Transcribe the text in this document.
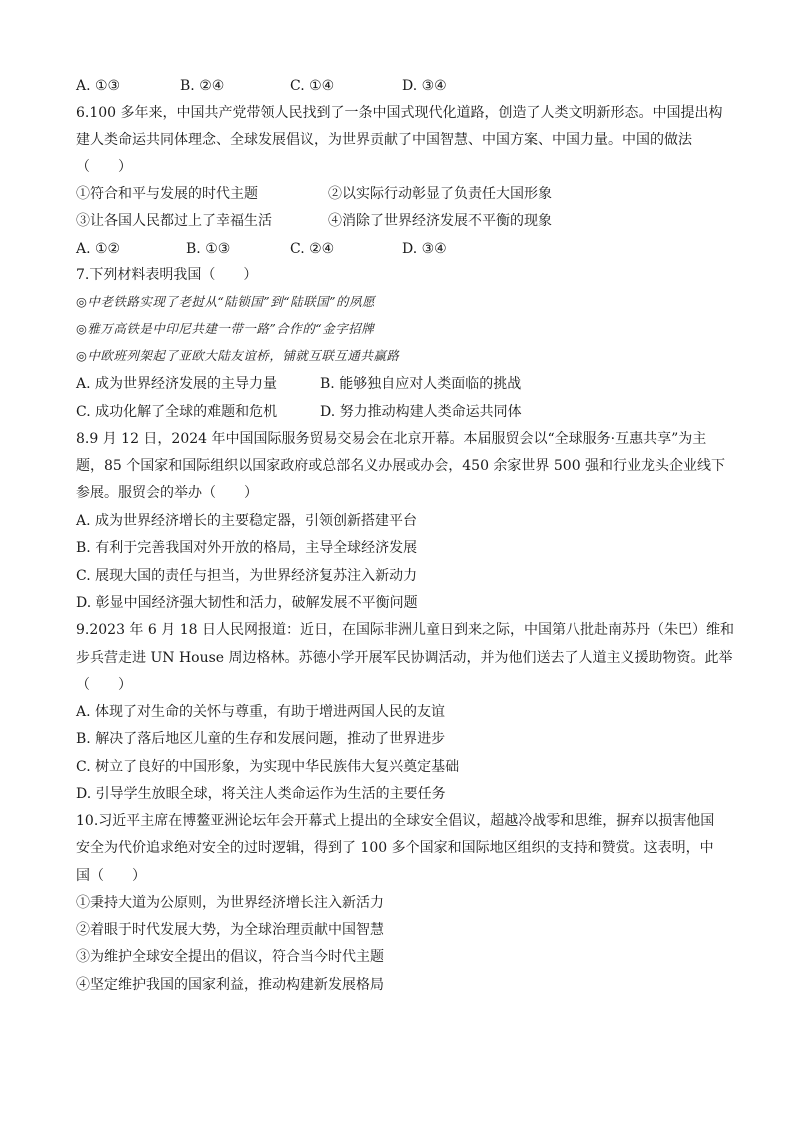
A. ①③	B. ②④	C. ①④	D. ③④
6.100 多年来，中国共产党带领人民找到了一条中国式现代化道路，创造了人类文明新形态。中国提出构
建人类命运共同体理念、全球发展倡议，为世界贡献了中国智慧、中国方案、中国力量。中国的做法
（　　）
①符合和平与发展的时代主题	②以实际行动彰显了负责任大国形象
③让各国人民都过上了幸福生活	④消除了世界经济发展不平衡的现象
A. ①②	B. ①③	C. ②④	D. ③④
7.下列材料表明我国（　　）
◎中老铁路实现了老挝从“陆锁国”到“陆联国”的夙愿
◎雅万高铁是中印尼共建一带一路”合作的“金字招牌
◎中欧班列架起了亚欧大陆友谊桥，铺就互联互通共赢路
A. 成为世界经济发展的主导力量	B. 能够独自应对人类面临的挑战
C. 成功化解了全球的难题和危机	D. 努力推动构建人类命运共同体
8.9 月 12 日，2024 年中国国际服务贸易交易会在北京开幕。本届服贸会以“全球服务·互惠共享”为主
题，85 个国家和国际组织以国家政府或总部名义办展或办会，450 余家世界 500 强和行业龙头企业线下
参展。服贸会的举办（　　）
A. 成为世界经济增长的主要稳定器，引领创新搭建平台
B. 有利于完善我国对外开放的格局，主导全球经济发展
C. 展现大国的责任与担当，为世界经济复苏注入新动力
D. 彰显中国经济强大韧性和活力，破解发展不平衡问题
9.2023 年 6 月 18 日人民网报道：近日，在国际非洲儿童日到来之际，中国第八批赴南苏丹（朱巴）维和
步兵营走进 UN House 周边格林。苏德小学开展军民协调活动，并为他们送去了人道主义援助物资。此举
（　　）
A. 体现了对生命的关怀与尊重，有助于增进两国人民的友谊
B. 解决了落后地区儿童的生存和发展问题，推动了世界进步
C. 树立了良好的中国形象，为实现中华民族伟大复兴奠定基础
D. 引导学生放眼全球，将关注人类命运作为生活的主要任务
10.习近平主席在博鳌亚洲论坛年会开幕式上提出的全球安全倡议，超越冷战零和思维，摒弃以损害他国
安全为代价追求绝对安全的过时逻辑，得到了 100 多个国家和国际地区组织的支持和赞赏。这表明，中
国（　　）
①秉持大道为公原则，为世界经济增长注入新活力
②着眼于时代发展大势，为全球治理贡献中国智慧
③为维护全球安全提出的倡议，符合当今时代主题
④坚定维护我国的国家利益，推动构建新发展格局
